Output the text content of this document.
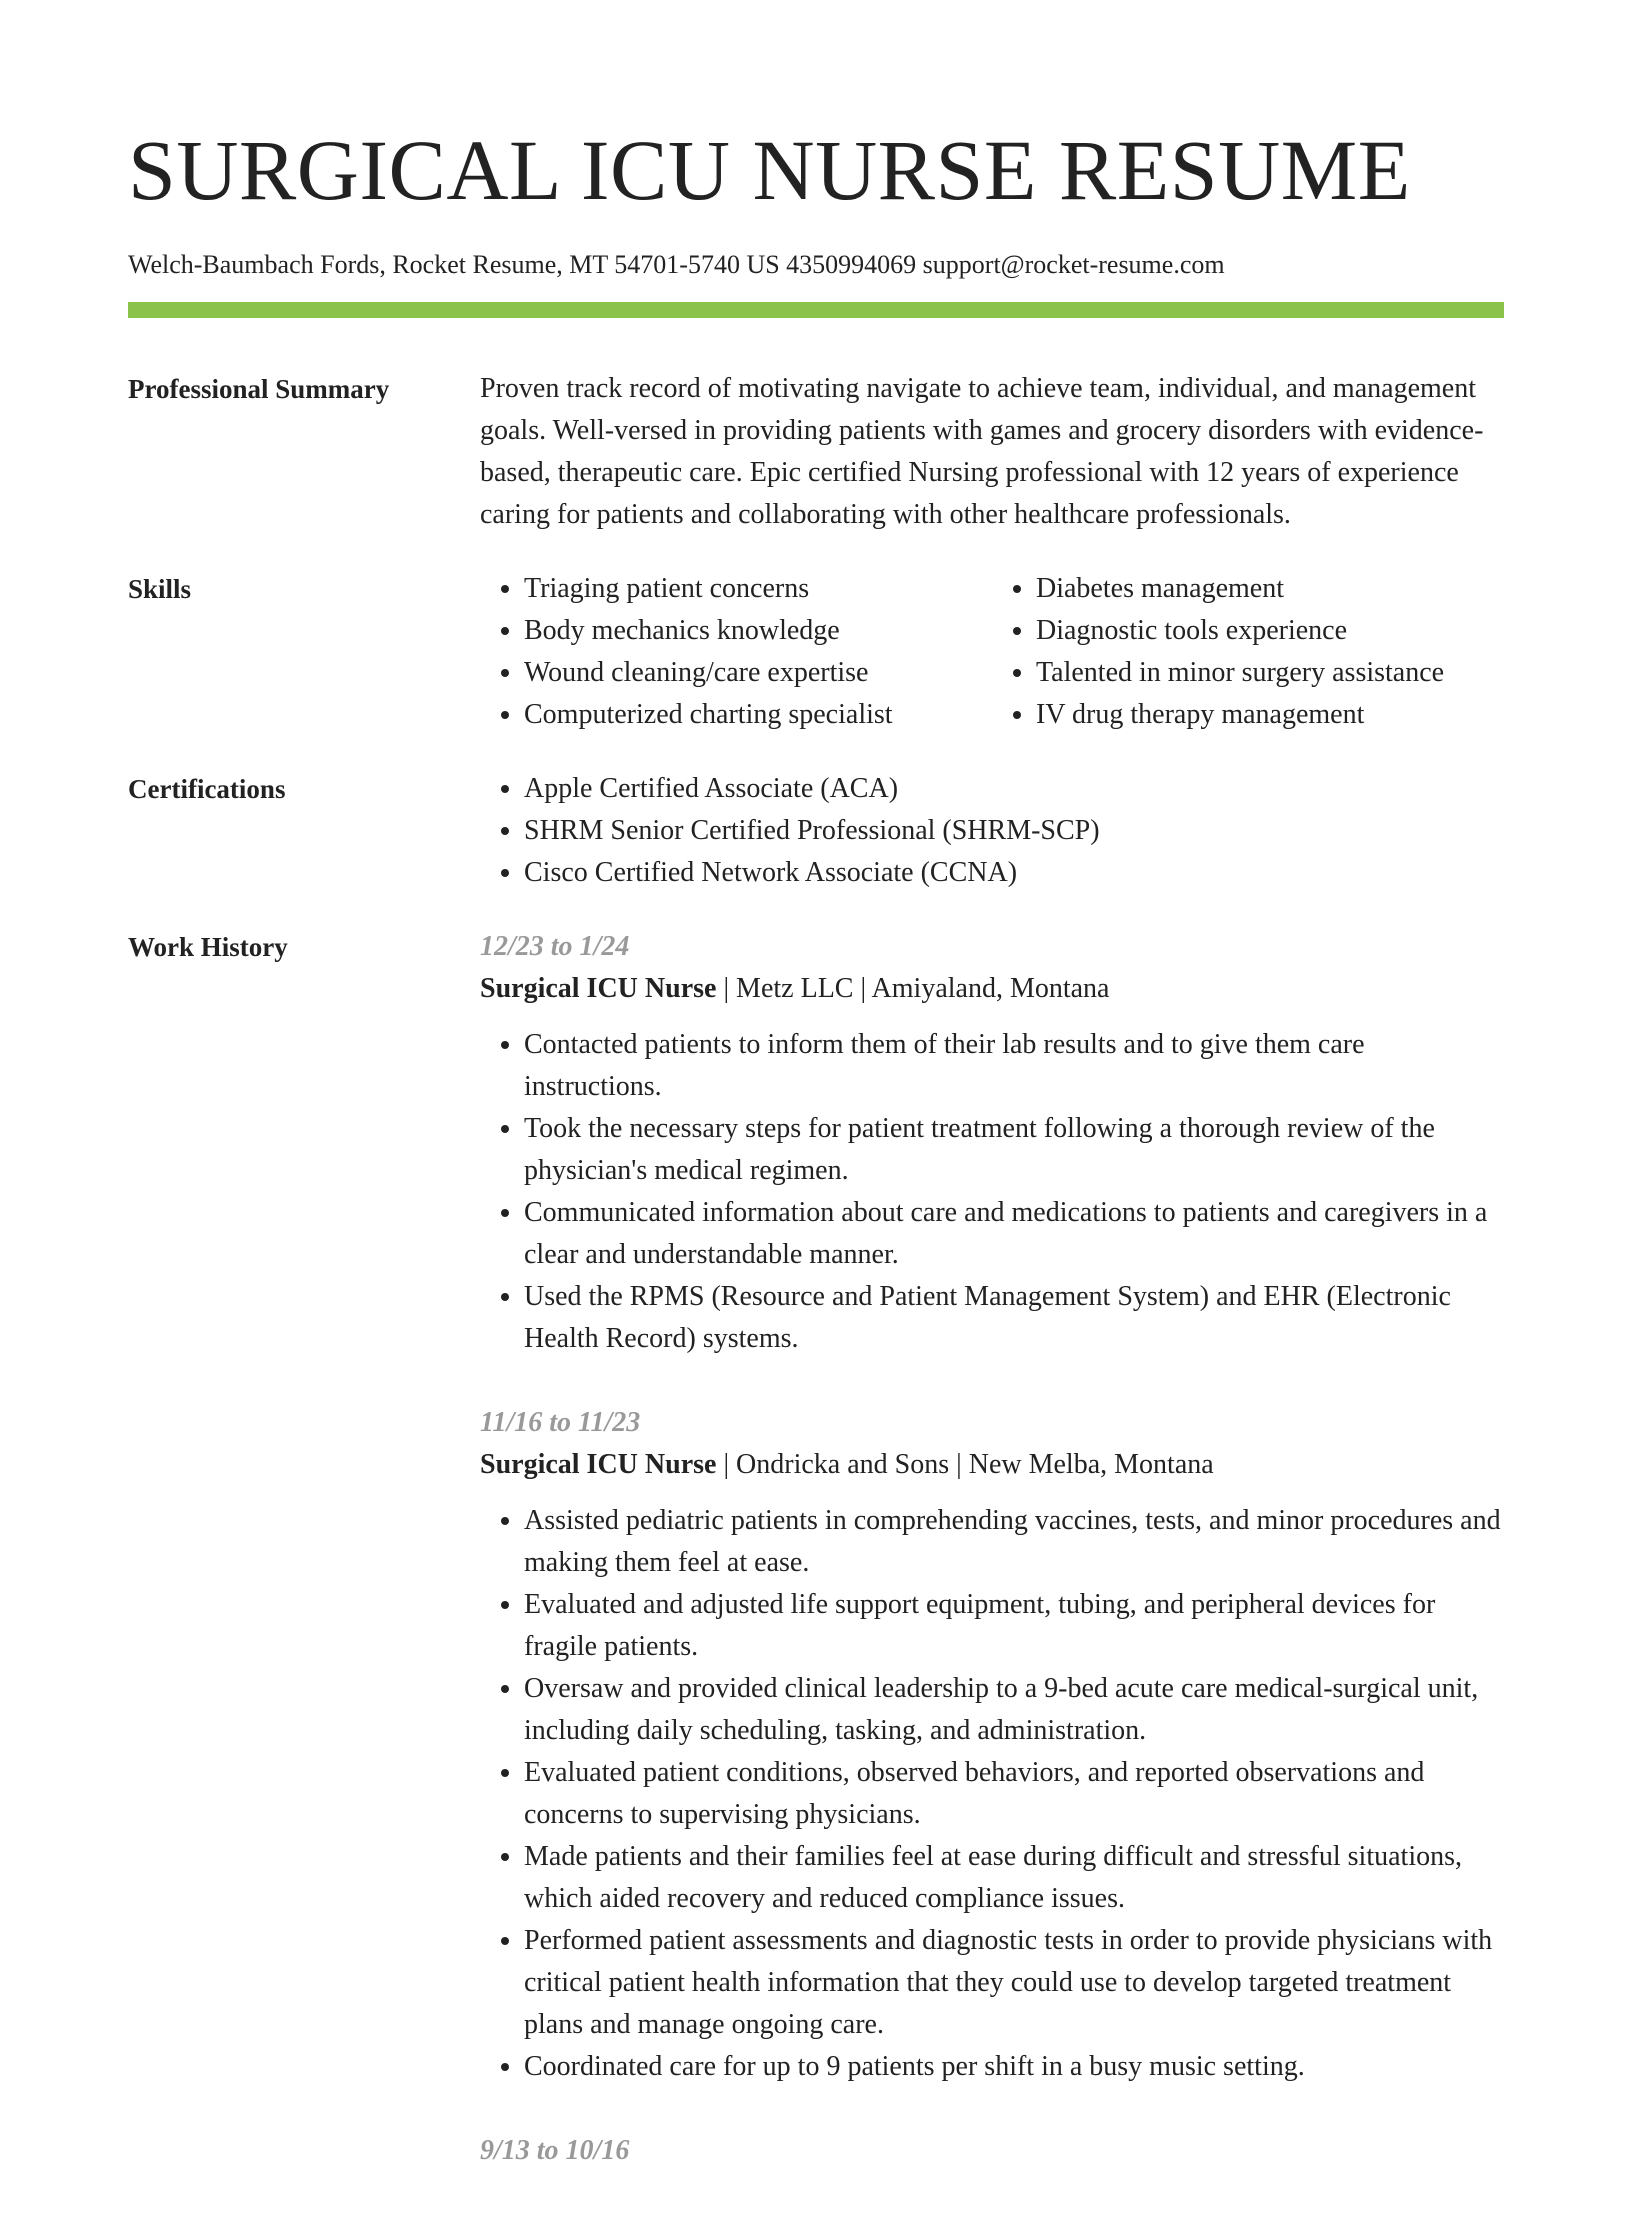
SURGICAL ICU NURSE RESUME
Welch-Baumbach Fords, Rocket Resume, MT 54701-5740 US 4350994069 support@rocket-resume.com
Professional Summary	Proven track record of motivating navigate to achieve team, individual, and management goals. Well-versed in providing patients with games and grocery disorders with evidence-based, therapeutic care. Epic certified Nursing professional with 12 years of experience caring for patients and collaborating with other healthcare professionals.

Skills	• Triaging patient concerns
• Body mechanics knowledge
• Wound cleaning/care expertise
• Computerized charting specialist
• Diabetes management
• Diagnostic tools experience
• Talented in minor surgery assistance
• IV drug therapy management
Certifications	• Apple Certified Associate (ACA)
• SHRM Senior Certified Professional (SHRM-SCP)
• Cisco Certified Network Associate (CCNA)
Work History	12/23 to 1/24
Surgical ICU Nurse | Metz LLC | Amiyaland, Montana
• Contacted patients to inform them of their lab results and to give them care instructions.
• Took the necessary steps for patient treatment following a thorough review of the physician's medical regimen.
• Communicated information about care and medications to patients and caregivers in a clear and understandable manner.
• Used the RPMS (Resource and Patient Management System) and EHR (Electronic Health Record) systems.
11/16 to 11/23
Surgical ICU Nurse | Ondricka and Sons | New Melba, Montana
• Assisted pediatric patients in comprehending vaccines, tests, and minor procedures and making them feel at ease.
• Evaluated and adjusted life support equipment, tubing, and peripheral devices for fragile patients.
• Oversaw and provided clinical leadership to a 9-bed acute care medical-surgical unit, including daily scheduling, tasking, and administration.
• Evaluated patient conditions, observed behaviors, and reported observations and concerns to supervising physicians.
• Made patients and their families feel at ease during difficult and stressful situations, which aided recovery and reduced compliance issues.
• Performed patient assessments and diagnostic tests in order to provide physicians with critical patient health information that they could use to develop targeted treatment plans and manage ongoing care.
• Coordinated care for up to 9 patients per shift in a busy music setting.
9/13 to 10/16
